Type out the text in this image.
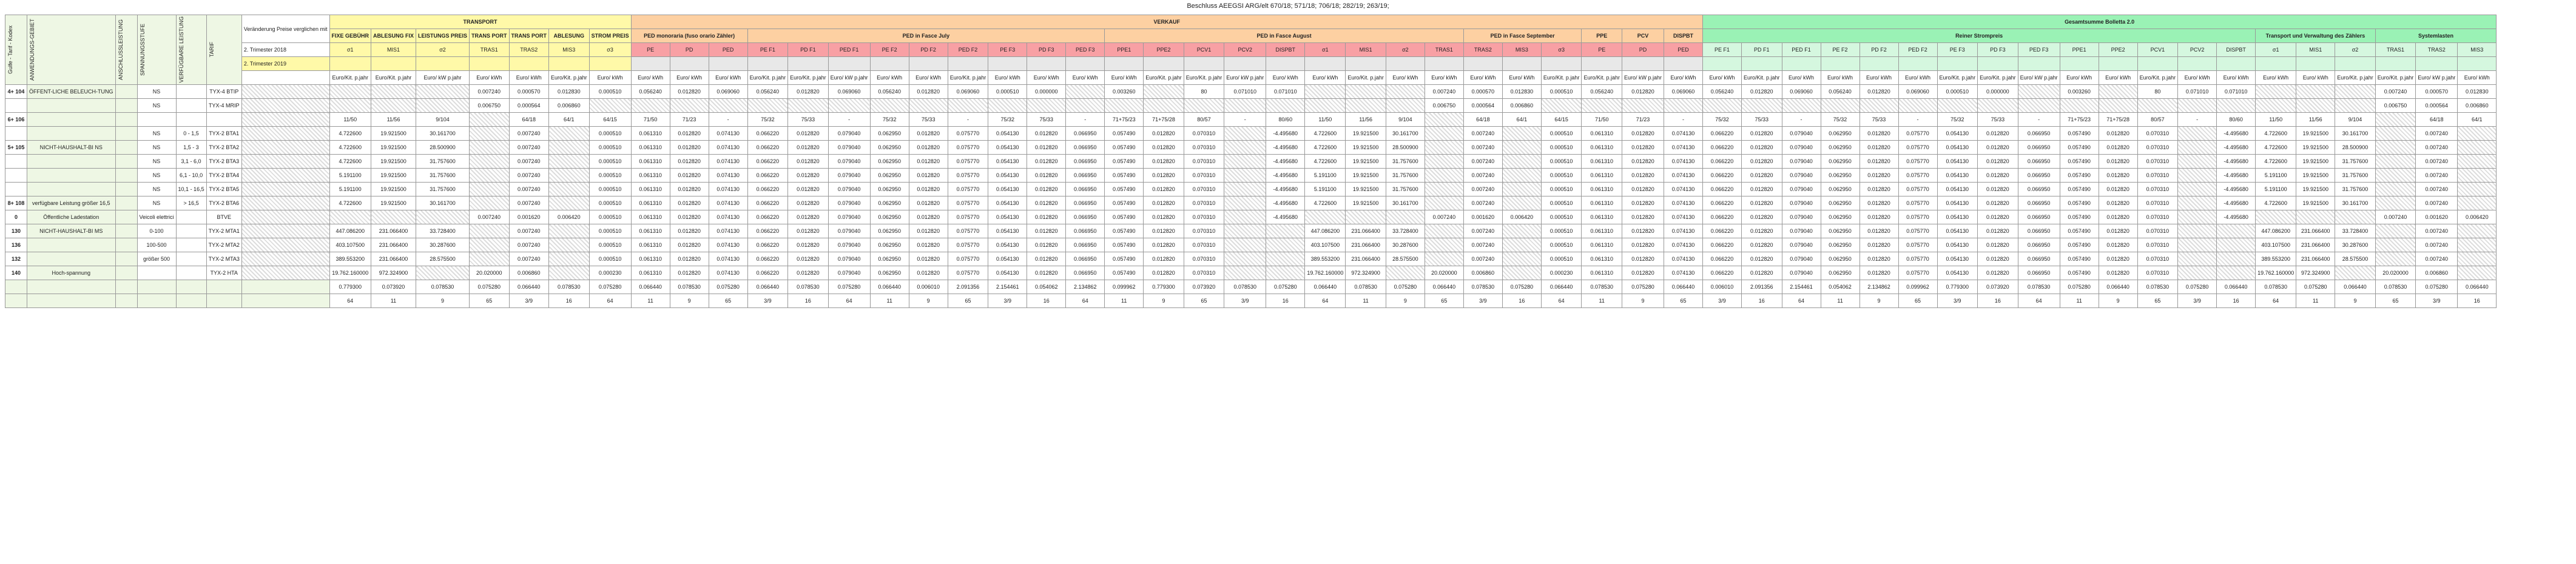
Beschluss AEEGSI ARG/elt 670/18; 571/18; 706/18; 282/19; 263/19;
Gulfe - Tarif - Kodex	ANWENDUNGS-GEBIET	ANSCHLUSSLEISTUNG	SPANNUNGSSTUFE	VERFÜGBARE LEISTUNG	TARIF	Veränderung Preise verglichen mit	TRANSPORT							VERKAUF																											Gesamtsumme Bolletta 2.0																			
							FIXE GEBÜHR	ABLESUNG FIX	LEISTUNGS PREIS	TRANS PORT	TRANS PORT	ABLESUNG	STROM PREIS	PED monoraria (fuso orario Zähler)			PED in Fasce July									PED in Fasce August									PED in Fasce September			PPE	PCV	DISPBT	Reiner Strompreis														Transport und Verwaltung des Zählers			Systemlasten		
						2. Trimester 2018	σ1	MIS1	σ2	TRAS1	TRAS2	MIS3	σ3	PE	PD	PED	PE F1	PD F1	PED F1	PE F2	PD F2	PED F2	PE F3	PD F3	PED F3	PPE1	PPE2	PCV1	PCV2	DISPBT	σ1	MIS1	σ2	TRAS1	TRAS2	MIS3	σ3	PE	PD	PED	PE F1	PD F1	PED F1	PE F2	PD F2	PED F2	PE F3	PD F3	PED F3	PPE1	PPE2	PCV1	PCV2	DISPBT	σ1	MIS1	σ2	TRAS1	TRAS2	MIS3
						2. Trimester 2019																																																						
							Euro/Kit. p.jahr	Euro/Kit. p.jahr	Euro/ kW p.jahr	Euro/ kWh	Euro/ kWh	Euro/Kit. p.jahr	Euro/ kWh	Euro/ kWh	Euro/ kWh	Euro/ kWh	Euro/Kit. p.jahr	Euro/Kit. p.jahr	Euro/ kW p.jahr	Euro/ kWh	Euro/ kWh	Euro/Kit. p.jahr	Euro/ kWh	Euro/ kWh	Euro/ kWh	Euro/ kWh	Euro/Kit. p.jahr	Euro/Kit. p.jahr	Euro/ kW p.jahr	Euro/ kWh	Euro/ kWh	Euro/Kit. p.jahr	Euro/ kWh	Euro/ kWh	Euro/ kWh	Euro/ kWh	Euro/Kit. p.jahr	Euro/Kit. p.jahr	Euro/ kW p.jahr	Euro/ kWh	Euro/ kWh	Euro/Kit. p.jahr	Euro/ kWh	Euro/ kWh	Euro/ kWh	Euro/ kWh	Euro/Kit. p.jahr	Euro/Kit. p.jahr	Euro/ kW p.jahr	Euro/ kWh	Euro/ kWh	Euro/Kit. p.jahr	Euro/ kWh	Euro/ kWh	Euro/ kWh	Euro/ kWh	Euro/Kit. p.jahr	Euro/Kit. p.jahr	Euro/ kW p.jahr	Euro/ kWh
4+ 104	ÖFFENT-LICHE BELEUCH-TUNG		NS		TYX-4 BTIP					0.007240	0.000570	0.012830	0.000510	0.056240	0.012820	0.069060	0.056240	0.012820	0.069060	0.056240	0.012820	0.069060	0.000510	0.000000		0.003260		80	0.071010	0.071010				0.007240	0.000570	0.012830	0.000510	0.056240	0.012820	0.069060	0.056240	0.012820	0.069060	0.056240	0.012820	0.069060	0.000510	0.000000		0.003260		80	0.071010	0.071010				0.007240	0.000570	0.012830
			NS		TYX-4 MRIP					0.006750	0.000564	0.006860																						0.006750	0.000564	0.006860																						0.006750	0.000564	0.006860
6+ 106							11/50	11/56	9/104		64/18	64/1	64/15	71/50	71/23	-	75/32	75/33	-	75/32	75/33	-	75/32	75/33	-	71+75/23	71+75/28	80/57	-	80/60	11/50	11/56	9/104		64/18	64/1	64/15	71/50	71/23	-	75/32	75/33	-	75/32	75/33	-	75/32	75/33	-	71+75/23	71+75/28	80/57	-	80/60	11/50	11/56	9/104		64/18	64/1
			NS	0 - 1,5	TYX-2 BTA1		4.722600	19.921500	30.161700		0.007240		0.000510	0.061310	0.012820	0.074130	0.066220	0.012820	0.079040	0.062950	0.012820	0.075770	0.054130	0.012820	0.066950	0.057490	0.012820	0.070310		-4.495680	4.722600	19.921500	30.161700		0.007240		0.000510	0.061310	0.012820	0.074130	0.066220	0.012820	0.079040	0.062950	0.012820	0.075770	0.054130	0.012820	0.066950	0.057490	0.012820	0.070310		-4.495680	4.722600	19.921500	30.161700		0.007240	
5+ 105	NICHT-HAUSHALT-BI NS		NS	1,5 - 3	TYX-2 BTA2		4.722600	19.921500	28.500900		0.007240		0.000510	0.061310	0.012820	0.074130	0.066220	0.012820	0.079040	0.062950	0.012820	0.075770	0.054130	0.012820	0.066950	0.057490	0.012820	0.070310		-4.495680	4.722600	19.921500	28.500900		0.007240		0.000510	0.061310	0.012820	0.074130	0.066220	0.012820	0.079040	0.062950	0.012820	0.075770	0.054130	0.012820	0.066950	0.057490	0.012820	0.070310		-4.495680	4.722600	19.921500	28.500900		0.007240	
			NS	3,1 - 6,0	TYX-2 BTA3		4.722600	19.921500	31.757600		0.007240		0.000510	0.061310	0.012820	0.074130	0.066220	0.012820	0.079040	0.062950	0.012820	0.075770	0.054130	0.012820	0.066950	0.057490	0.012820	0.070310		-4.495680	4.722600	19.921500	31.757600		0.007240		0.000510	0.061310	0.012820	0.074130	0.066220	0.012820	0.079040	0.062950	0.012820	0.075770	0.054130	0.012820	0.066950	0.057490	0.012820	0.070310		-4.495680	4.722600	19.921500	31.757600		0.007240	
			NS	6,1 - 10,0	TYX-2 BTA4		5.191100	19.921500	31.757600		0.007240		0.000510	0.061310	0.012820	0.074130	0.066220	0.012820	0.079040	0.062950	0.012820	0.075770	0.054130	0.012820	0.066950	0.057490	0.012820	0.070310		-4.495680	5.191100	19.921500	31.757600		0.007240		0.000510	0.061310	0.012820	0.074130	0.066220	0.012820	0.079040	0.062950	0.012820	0.075770	0.054130	0.012820	0.066950	0.057490	0.012820	0.070310		-4.495680	5.191100	19.921500	31.757600		0.007240	
			NS	10,1 - 16,5	TYX-2 BTA5		5.191100	19.921500	31.757600		0.007240		0.000510	0.061310	0.012820	0.074130	0.066220	0.012820	0.079040	0.062950	0.012820	0.075770	0.054130	0.012820	0.066950	0.057490	0.012820	0.070310		-4.495680	5.191100	19.921500	31.757600		0.007240		0.000510	0.061310	0.012820	0.074130	0.066220	0.012820	0.079040	0.062950	0.012820	0.075770	0.054130	0.012820	0.066950	0.057490	0.012820	0.070310		-4.495680	5.191100	19.921500	31.757600		0.007240	
8+ 108	verfügbare Leistung größer 16,5		NS	> 16,5	TYX-2 BTA6		4.722600	19.921500	30.161700		0.007240		0.000510	0.061310	0.012820	0.074130	0.066220	0.012820	0.079040	0.062950	0.012820	0.075770	0.054130	0.012820	0.066950	0.057490	0.012820	0.070310		-4.495680	4.722600	19.921500	30.161700		0.007240		0.000510	0.061310	0.012820	0.074130	0.066220	0.012820	0.079040	0.062950	0.012820	0.075770	0.054130	0.012820	0.066950	0.057490	0.012820	0.070310		-4.495680	4.722600	19.921500	30.161700		0.007240	
0	Öffentliche Ladestation		Veicoli elettrici		BTVE					0.007240	0.001620	0.006420	0.000510	0.061310	0.012820	0.074130	0.066220	0.012820	0.079040	0.062950	0.012820	0.075770	0.054130	0.012820	0.066950	0.057490	0.012820	0.070310		-4.495680				0.007240	0.001620	0.006420	0.000510	0.061310	0.012820	0.074130	0.066220	0.012820	0.079040	0.062950	0.012820	0.075770	0.054130	0.012820	0.066950	0.057490	0.012820	0.070310		-4.495680				0.007240	0.001620	0.006420
130	NICHT-HAUSHALT-BI MS		0-100		TYX-2 MTA1		447.086200	231.066400	33.728400		0.007240		0.000510	0.061310	0.012820	0.074130	0.066220	0.012820	0.079040	0.062950	0.012820	0.075770	0.054130	0.012820	0.066950	0.057490	0.012820	0.070310			447.086200	231.066400	33.728400		0.007240		0.000510	0.061310	0.012820	0.074130	0.066220	0.012820	0.079040	0.062950	0.012820	0.075770	0.054130	0.012820	0.066950	0.057490	0.012820	0.070310			447.086200	231.066400	33.728400		0.007240	
136			100-500		TYX-2 MTA2		403.107500	231.066400	30.287600		0.007240		0.000510	0.061310	0.012820	0.074130	0.066220	0.012820	0.079040	0.062950	0.012820	0.075770	0.054130	0.012820	0.066950	0.057490	0.012820	0.070310			403.107500	231.066400	30.287600		0.007240		0.000510	0.061310	0.012820	0.074130	0.066220	0.012820	0.079040	0.062950	0.012820	0.075770	0.054130	0.012820	0.066950	0.057490	0.012820	0.070310			403.107500	231.066400	30.287600		0.007240	
132			größer 500		TYX-2 MTA3		389.553200	231.066400	28.575500		0.007240		0.000510	0.061310	0.012820	0.074130	0.066220	0.012820	0.079040	0.062950	0.012820	0.075770	0.054130	0.012820	0.066950	0.057490	0.012820	0.070310			389.553200	231.066400	28.575500		0.007240		0.000510	0.061310	0.012820	0.074130	0.066220	0.012820	0.079040	0.062950	0.012820	0.075770	0.054130	0.012820	0.066950	0.057490	0.012820	0.070310			389.553200	231.066400	28.575500		0.007240	
140	Hoch-spannung				TYX-2 HTA		19.762.160000	972.324900		20.020000	0.006860		0.000230	0.061310	0.012820	0.074130	0.066220	0.012820	0.079040	0.062950	0.012820	0.075770	0.054130	0.012820	0.066950	0.057490	0.012820	0.070310			19.762.160000	972.324900		20.020000	0.006860		0.000230	0.061310	0.012820	0.074130	0.066220	0.012820	0.079040	0.062950	0.012820	0.075770	0.054130	0.012820	0.066950	0.057490	0.012820	0.070310			19.762.160000	972.324900		20.020000	0.006860	
							0.779300	0.073920	0.078530	0.075280	0.066440	0.078530	0.075280	0.066440	0.078530	0.075280	0.066440	0.078530	0.075280	0.066440	0.006010	2.091356	2.154461	0.054062	2.134862	0.099962	0.779300	0.073920	0.078530	0.075280	0.066440	0.078530	0.075280	0.066440	0.078530	0.075280	0.066440	0.078530	0.075280	0.066440	0.006010	2.091356	2.154461	0.054062	2.134862	0.099962	0.779300	0.073920	0.078530	0.075280	0.066440	0.078530	0.075280	0.066440	0.078530	0.075280	0.066440	0.078530	0.075280	0.066440
							64	11	9	65	3/9	16	64	11	9	65	3/9	16	64	11	9	65	3/9	16	64	11	9	65	3/9	16	64	11	9	65	3/9	16	64	11	9	65	3/9	16	64	11	9	65	3/9	16	64	11	9	65	3/9	16	64	11	9	65	3/9	16
